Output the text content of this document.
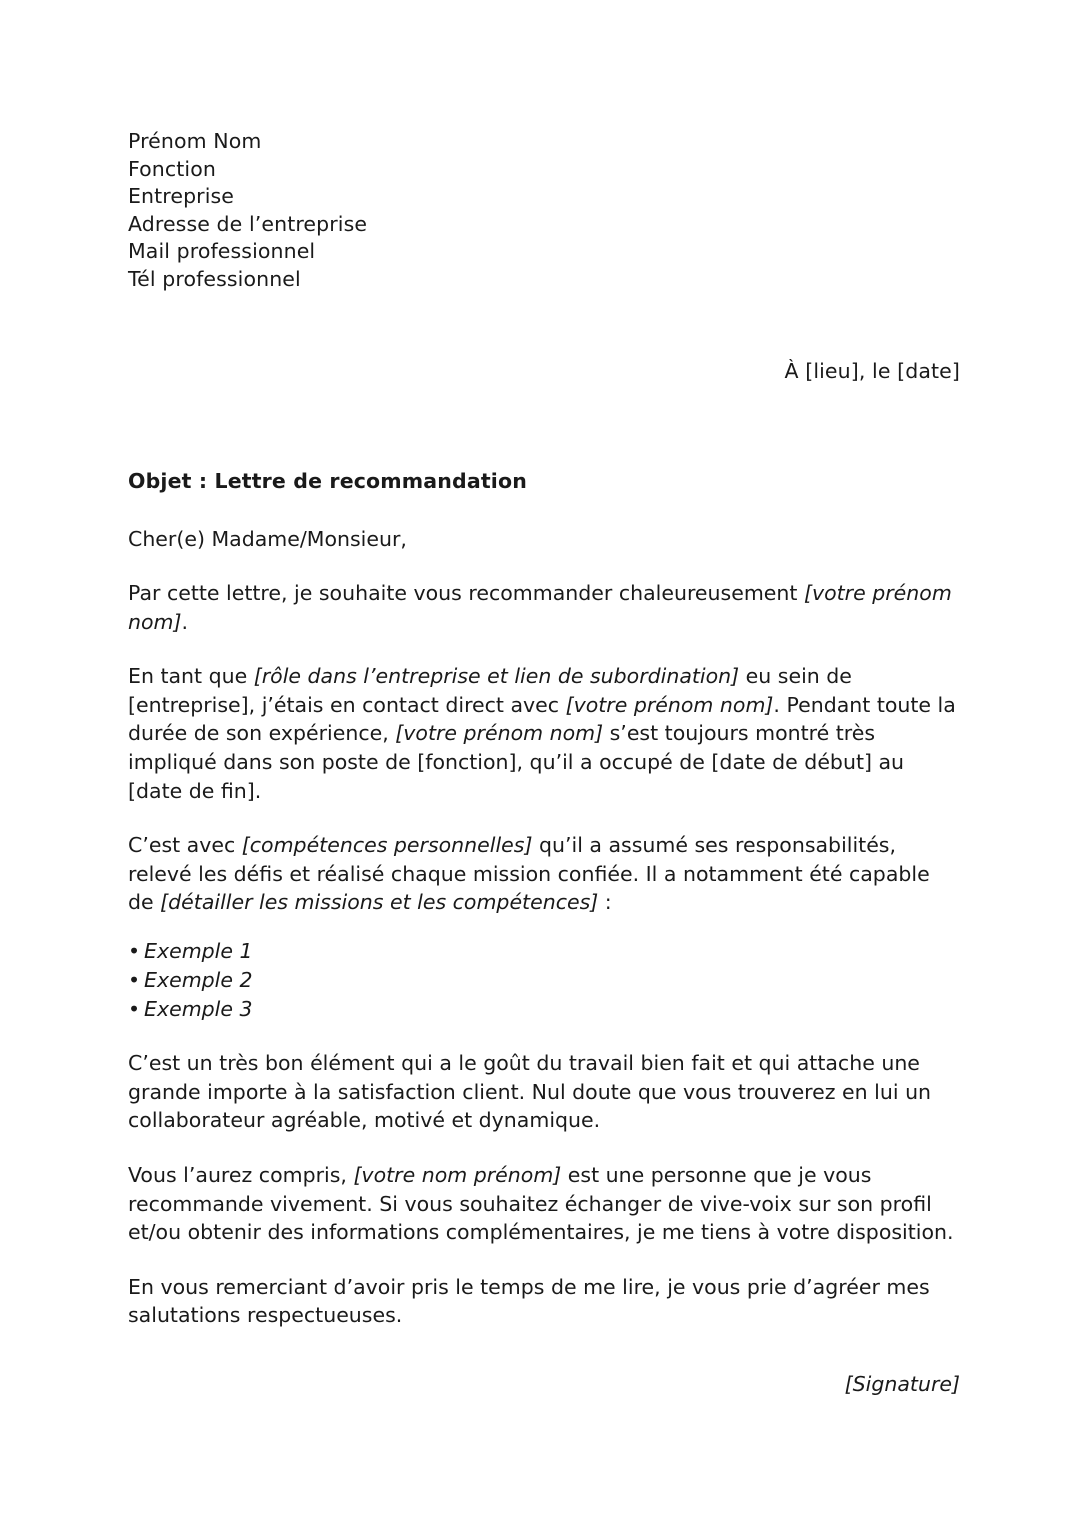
Prénom Nom
Fonction
Entreprise
Adresse de l’entreprise
Mail professionnel
Tél professionnel
À [lieu], le [date]
Objet : Lettre de recommandation
Cher(e) Madame/Monsieur,

Par cette lettre, je souhaite vous recommander chaleureusement [votre prénom nom].

En tant que [rôle dans l’entreprise et lien de subordination] eu sein de [entreprise], j’étais en contact direct avec [votre prénom nom]. Pendant toute la durée de son expérience, [votre prénom nom] s’est toujours montré très impliqué dans son poste de [fonction], qu’il a occupé de [date de début] au [date de fin].

C’est avec [compétences personnelles] qu’il a assumé ses responsabilités, relevé les défis et réalisé chaque mission confiée. Il a notamment été capable de [détailler les missions et les compétences] :

• Exemple 1
• Exemple 2
• Exemple 3

C’est un très bon élément qui a le goût du travail bien fait et qui attache une grande importe à la satisfaction client. Nul doute que vous trouverez en lui un collaborateur agréable, motivé et dynamique.

Vous l’aurez compris, [votre nom prénom] est une personne que je vous recommande vivement. Si vous souhaitez échanger de vive-voix sur son profil et/ou obtenir des informations complémentaires, je me tiens à votre disposition.

En vous remerciant d’avoir pris le temps de me lire, je vous prie d’agréer mes salutations respectueuses.

[Signature]
